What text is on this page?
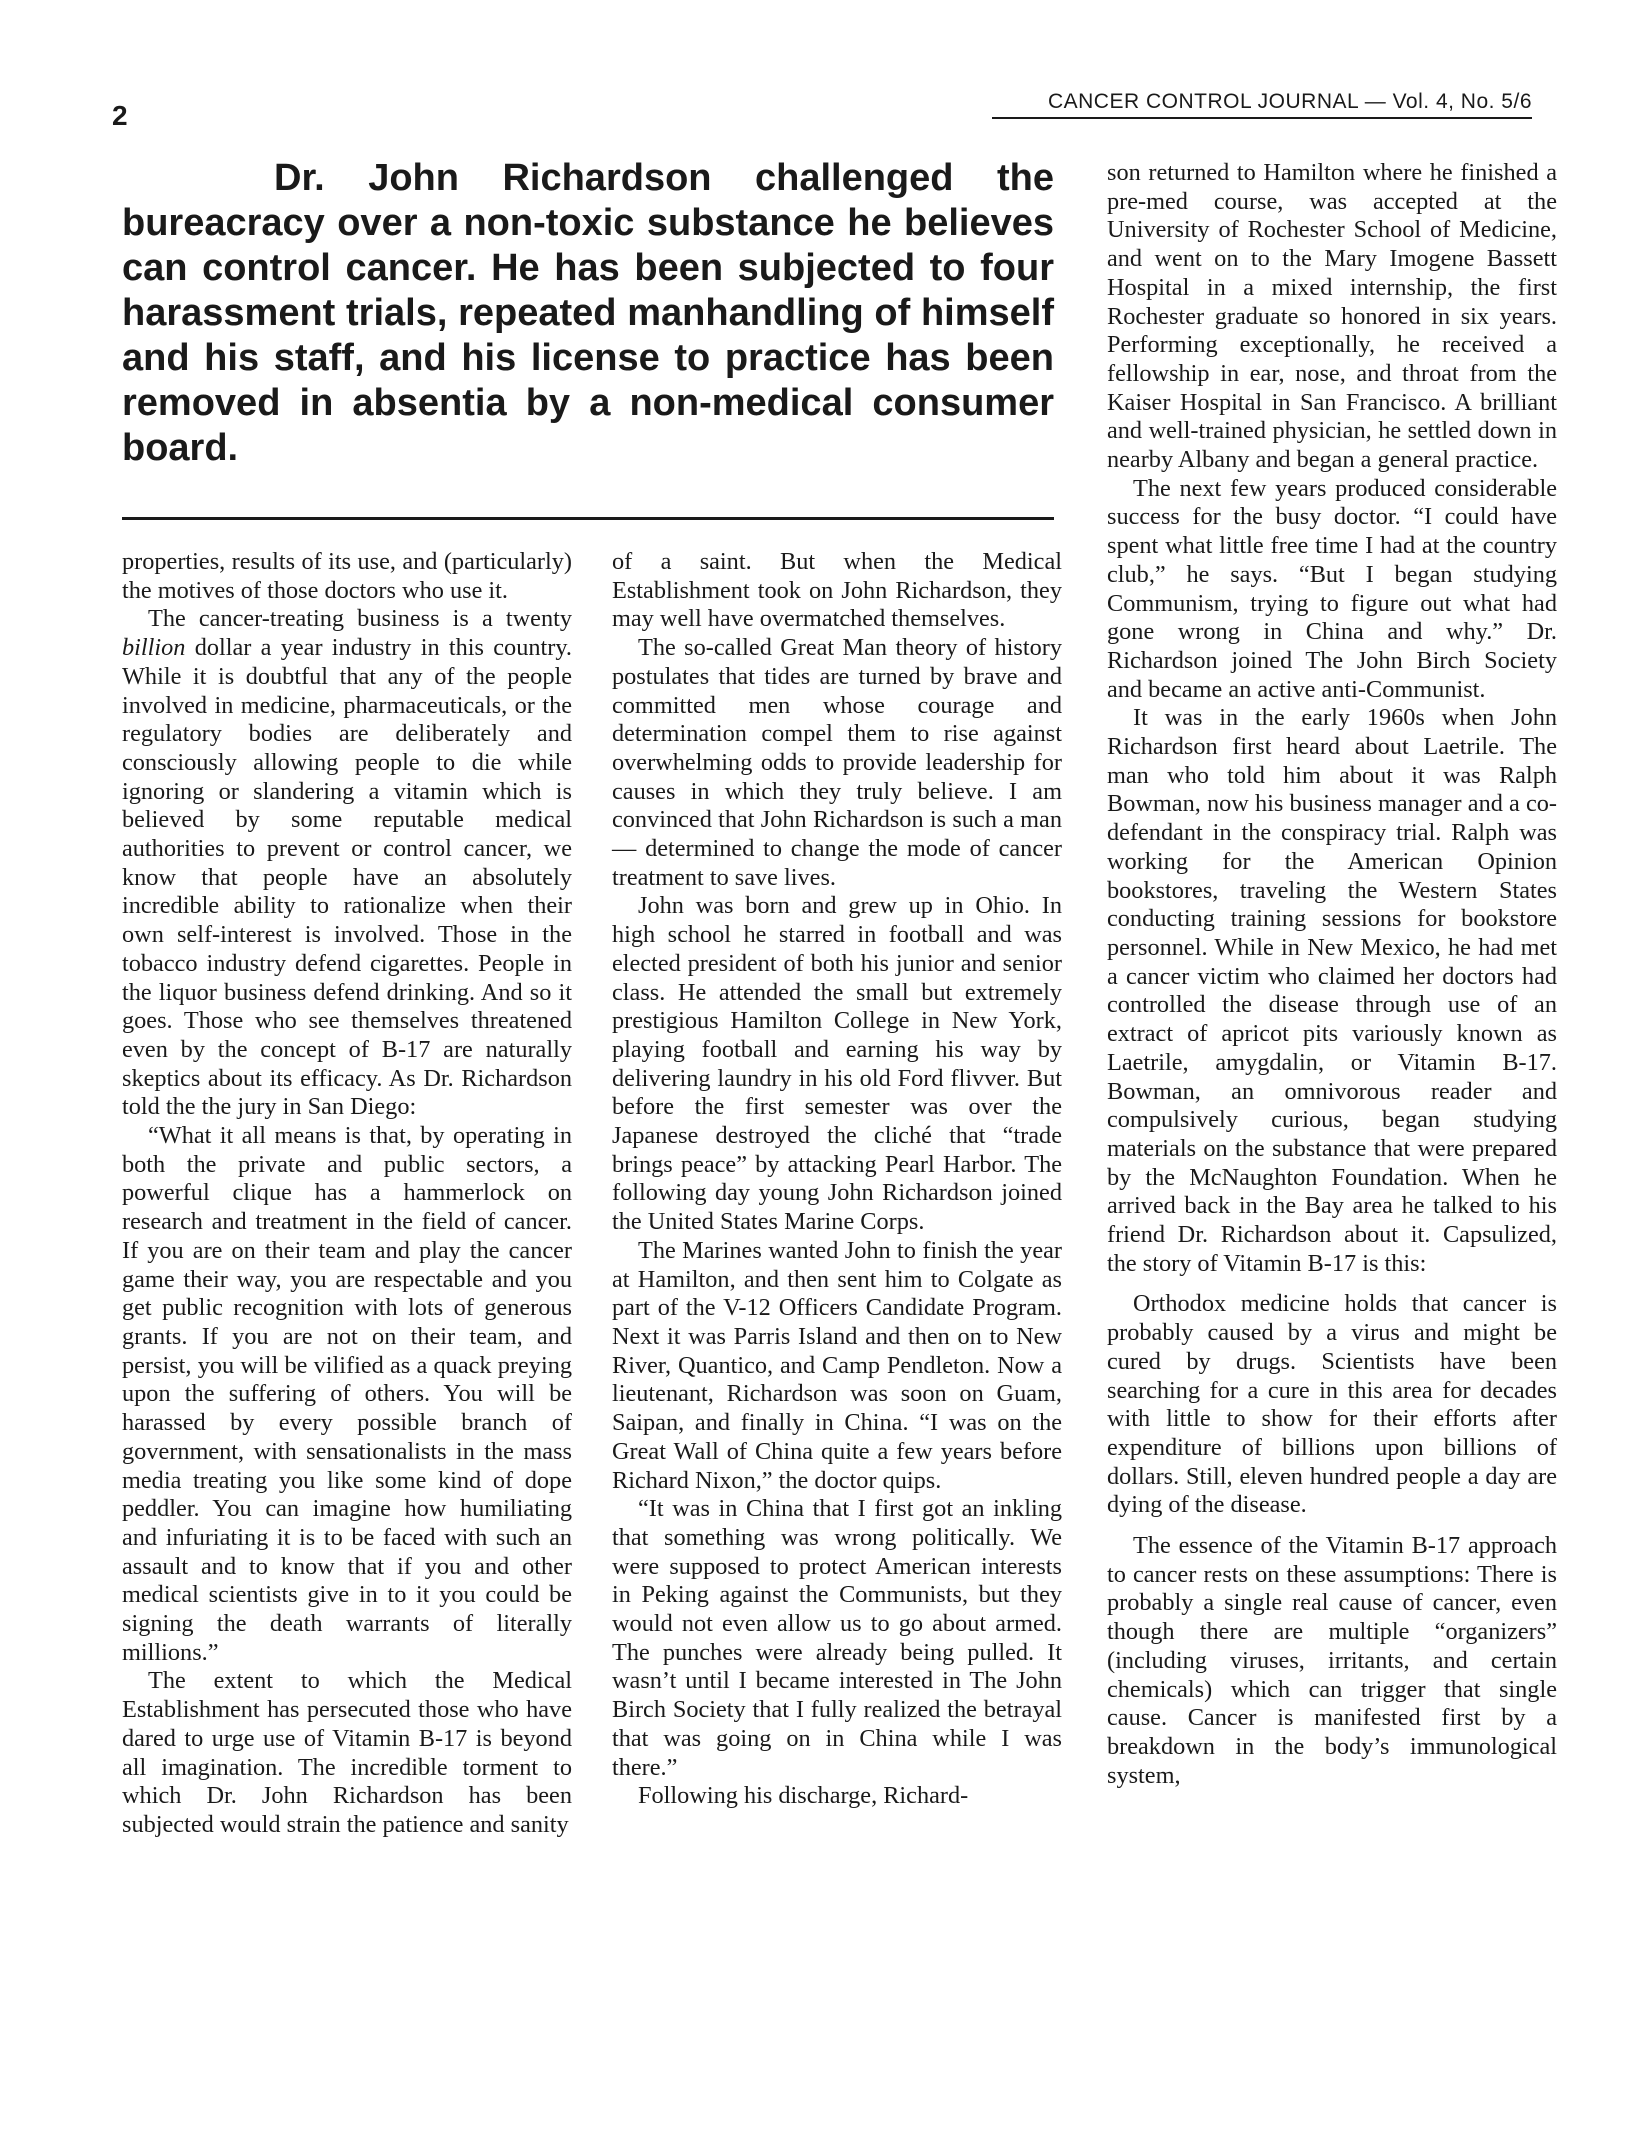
2	CANCER CONTROL JOURNAL — Vol. 4, No. 5/6
Dr. John Richardson challenged the bureacracy over a non-toxic substance he believes can control cancer. He has been subjected to four harassment trials, repeated manhandling of himself and his staff, and his license to practice has been removed in absentia by a non-medical consumer board.

properties, results of its use, and (particularly) the motives of those doctors who use it.

The cancer-treating business is a twenty billion dollar a year industry in this country. While it is doubtful that any of the people involved in medicine, pharmaceuticals, or the regulatory bodies are deliberately and consciously allowing people to die while ignoring or slandering a vitamin which is believed by some reputable medical authorities to prevent or control cancer, we know that people have an absolutely incredible ability to rationalize when their own self-interest is involved. Those in the tobacco industry defend cigarettes. People in the liquor business defend drinking. And so it goes. Those who see themselves threatened even by the concept of B-17 are naturally skeptics about its efficacy. As Dr. Richardson told the the jury in San Diego:

“What it all means is that, by operating in both the private and public sectors, a powerful clique has a hammerlock on research and treatment in the field of cancer. If you are on their team and play the cancer game their way, you are respectable and you get public recognition with lots of generous grants. If you are not on their team, and persist, you will be vilified as a quack preying upon the suffering of others. You will be harassed by every possible branch of government, with sensationalists in the mass media treating you like some kind of dope peddler. You can imagine how humiliating and infuriating it is to be faced with such an assault and to know that if you and other medical scientists give in to it you could be signing the death warrants of literally millions.”

The extent to which the Medical Establishment has persecuted those who have dared to urge use of Vitamin B-17 is beyond all imagination. The incredible torment to which Dr. John Richardson has been subjected would strain the patience and sanity

of a saint. But when the Medical Establishment took on John Richardson, they may well have overmatched themselves.

The so-called Great Man theory of history postulates that tides are turned by brave and committed men whose courage and determination compel them to rise against overwhelming odds to provide leadership for causes in which they truly believe. I am convinced that John Richardson is such a man — determined to change the mode of cancer treatment to save lives.

John was born and grew up in Ohio. In high school he starred in football and was elected president of both his junior and senior class. He attended the small but extremely prestigious Hamilton College in New York, playing football and earning his way by delivering laundry in his old Ford flivver. But before the first semester was over the Japanese destroyed the cliché that “trade brings peace” by attacking Pearl Harbor. The following day young John Richardson joined the United States Marine Corps.

The Marines wanted John to finish the year at Hamilton, and then sent him to Colgate as part of the V-12 Officers Candidate Program. Next it was Parris Island and then on to New River, Quantico, and Camp Pendleton. Now a lieutenant, Richardson was soon on Guam, Saipan, and finally in China. “I was on the Great Wall of China quite a few years before Richard Nixon,” the doctor quips.

“It was in China that I first got an inkling that something was wrong politically. We were supposed to protect American interests in Peking against the Communists, but they would not even allow us to go about armed. The punches were already being pulled. It wasn’t until I became interested in The John Birch Society that I fully realized the betrayal that was going on in China while I was there.”

Following his discharge, Richard-

son returned to Hamilton where he finished a pre-med course, was accepted at the University of Rochester School of Medicine, and went on to the Mary Imogene Bassett Hospital in a mixed internship, the first Rochester graduate so honored in six years. Performing exceptionally, he received a fellowship in ear, nose, and throat from the Kaiser Hospital in San Francisco. A brilliant and well-trained physician, he settled down in nearby Albany and began a general practice.

The next few years produced considerable success for the busy doctor. “I could have spent what little free time I had at the country club,” he says. “But I began studying Communism, trying to figure out what had gone wrong in China and why.” Dr. Richardson joined The John Birch Society and became an active anti-Communist.

It was in the early 1960s when John Richardson first heard about Laetrile. The man who told him about it was Ralph Bowman, now his business manager and a co-defendant in the conspiracy trial. Ralph was working for the American Opinion bookstores, traveling the Western States conducting training sessions for bookstore personnel. While in New Mexico, he had met a cancer victim who claimed her doctors had controlled the disease through use of an extract of apricot pits variously known as Laetrile, amygdalin, or Vitamin B-17. Bowman, an omnivorous reader and compulsively curious, began studying materials on the substance that were prepared by the McNaughton Foundation. When he arrived back in the Bay area he talked to his friend Dr. Richardson about it. Capsulized, the story of Vitamin B-17 is this:

Orthodox medicine holds that cancer is probably caused by a virus and might be cured by drugs. Scientists have been searching for a cure in this area for decades with little to show for their efforts after expenditure of billions upon billions of dollars. Still, eleven hundred people a day are dying of the disease.

The essence of the Vitamin B-17 approach to cancer rests on these assumptions: There is probably a single real cause of cancer, even though there are multiple “organizers” (including viruses, irritants, and certain chemicals) which can trigger that single cause. Cancer is manifested first by a breakdown in the body’s immunological system,
